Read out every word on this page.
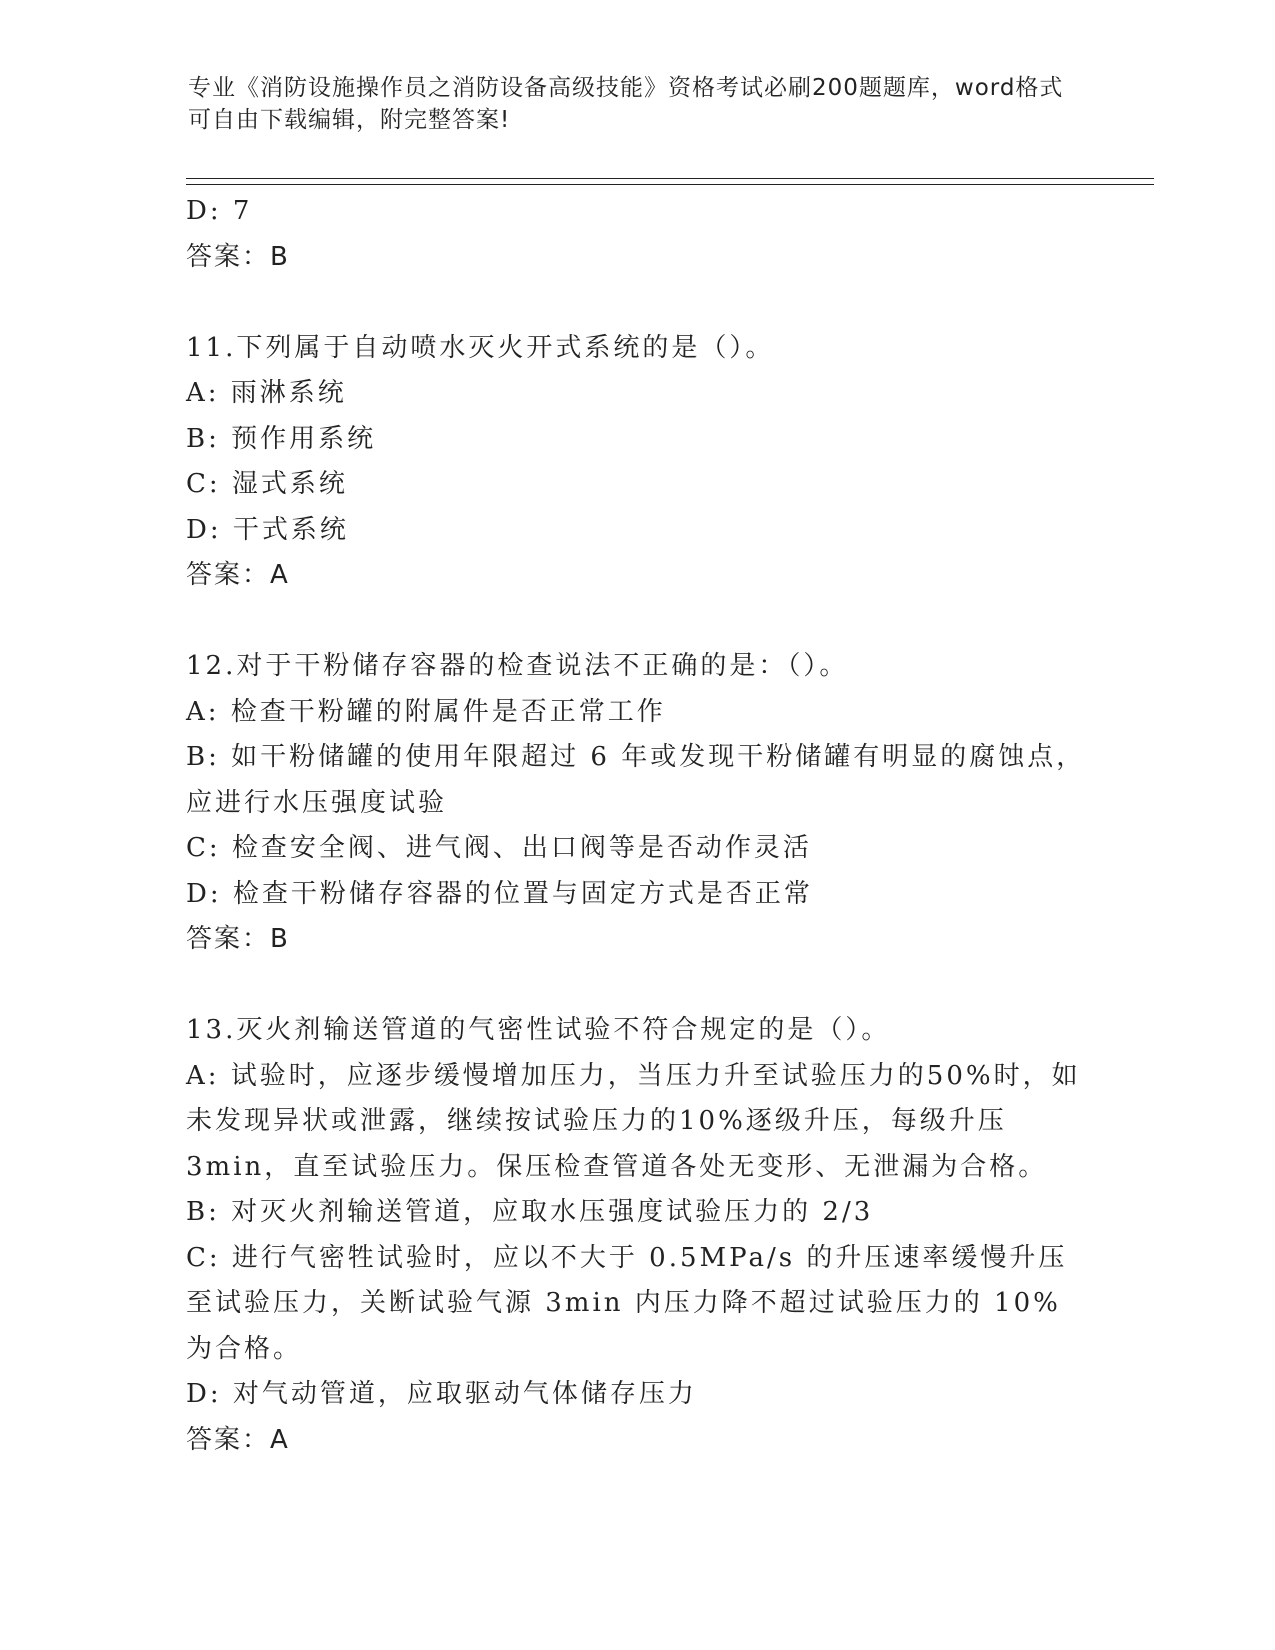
专业《消防设施操作员之消防设备高级技能》资格考试必刷200题题库，word格式可自由下载编辑，附完整答案!
D: 7
答案：B
11.下列属于自动喷水灭火开式系统的是（）。
A: 雨淋系统
B: 预作用系统
C: 湿式系统
D: 干式系统
答案：A
12.对于干粉储存容器的检查说法不正确的是：（）。
A: 检查干粉罐的附属件是否正常工作
B: 如干粉储罐的使用年限超过 6 年或发现干粉储罐有明显的腐蚀点，应进行水压强度试验
C: 检查安全阀、进气阀、出口阀等是否动作灵活
D: 检查干粉储存容器的位置与固定方式是否正常
答案：B
13.灭火剂输送管道的气密性试验不符合规定的是（）。
A: 试验时，应逐步缓慢增加压力，当压力升至试验压力的50%时，如未发现异状或泄露，继续按试验压力的10%逐级升压，每级升压 3min，直至试验压力。保压检查管道各处无变形、无泄漏为合格。
B: 对灭火剂输送管道，应取水压强度试验压力的 2/3
C: 进行气密牲试验时，应以不大于 0.5MPa/s 的升压速率缓慢升压至试验压力，关断试验气源 3min 内压力降不超过试验压力的 10%为合格。
D: 对气动管道，应取驱动气体储存压力
答案：A
